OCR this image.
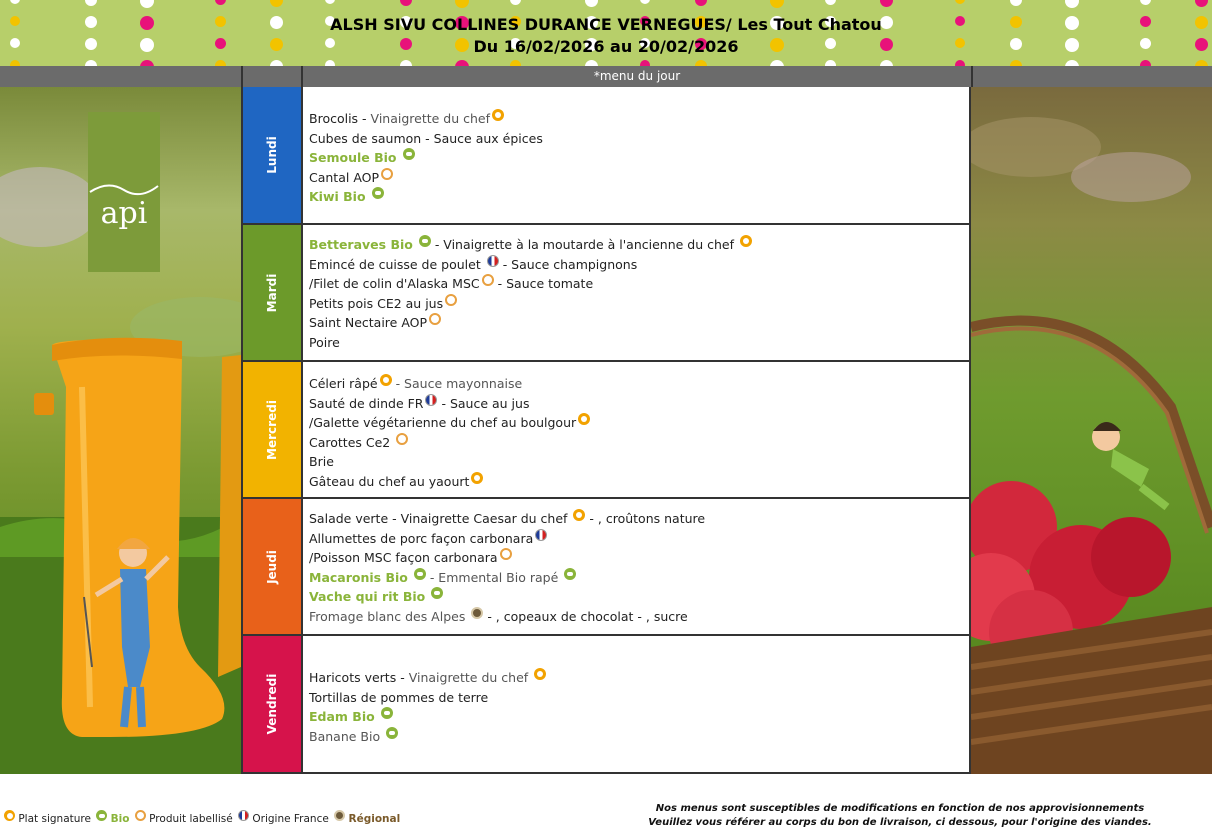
ALSH SIVU COLLINES DURANCE VERNEGUES/ Les Tout Chatou
Du 16/02/2026 au 20/02/2026
*menu du jour
api
Lundi
Brocolis - Vinaigrette du chef
Cubes de saumon - Sauce aux épices
Semoule Bio
Cantal AOP
Kiwi Bio
Mardi
Betteraves Bio - Vinaigrette à la moutarde à l'ancienne du chef
Emincé de cuisse de poulet - Sauce champignons
/Filet de colin d'Alaska MSC - Sauce tomate
Petits pois CE2 au jus
Saint Nectaire AOP
Poire
Mercredi
Céleri râpé - Sauce mayonnaise
Sauté de dinde FR - Sauce au jus
/Galette végétarienne du chef au boulgour
Carottes Ce2
Brie
Gâteau du chef au yaourt
Jeudi
Salade verte - Vinaigrette Caesar du chef - , croûtons nature
Allumettes de porc façon carbonara
/Poisson MSC façon carbonara
Macaronis Bio - Emmental Bio rapé
Vache qui rit Bio
Fromage blanc des Alpes - , copeaux de chocolat - , sucre
Vendredi Haricots verts - Vinaigrette du chef
Tortillas de pommes de terre
Edam Bio
Banane Bio
Plat signature Bio Produit labellisé Origine France Régional
Nos menus sont susceptibles de modifications en fonction de nos approvisionnements
Veuillez vous référer au corps du bon de livraison, ci dessous, pour l'origine des viandes.
